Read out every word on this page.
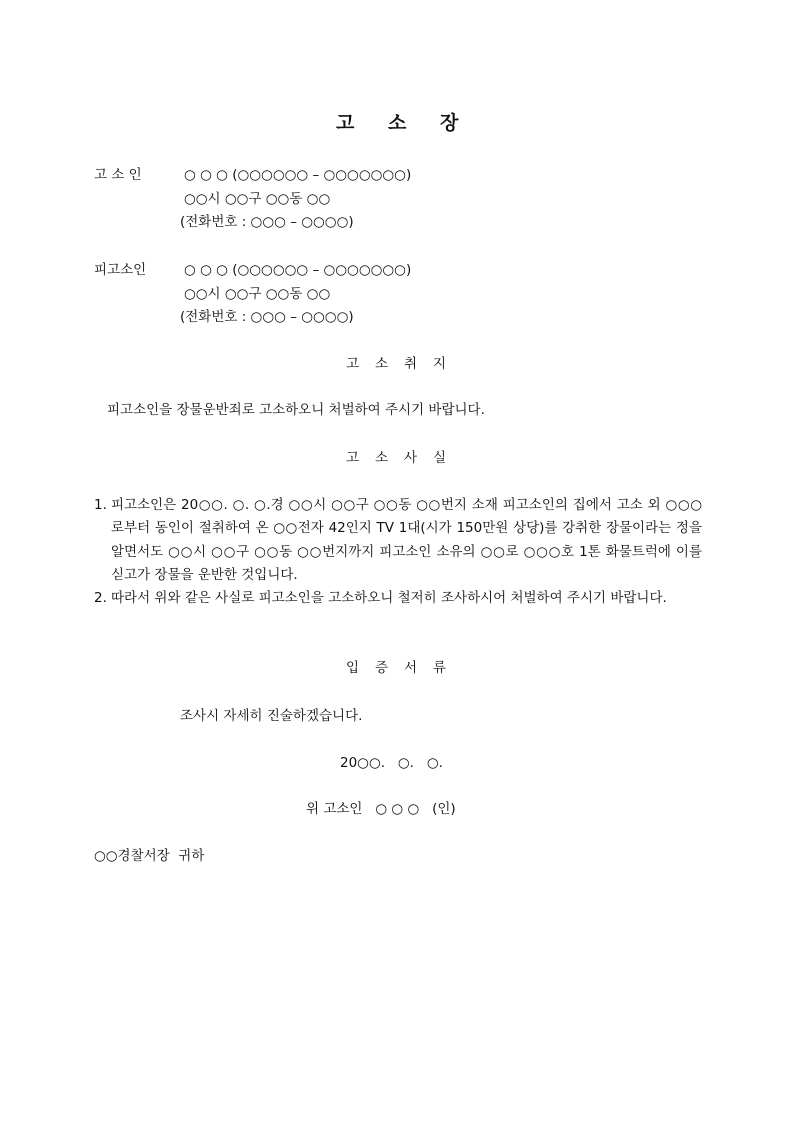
고 소 장
고 소 인	○ ○ ○ (○○○○○○ – ○○○○○○○)
○○시 ○○구 ○○동 ○○
(전화번호 : ○○○ – ○○○○)
피고소인	○ ○ ○ (○○○○○○ – ○○○○○○○)
○○시 ○○구 ○○동 ○○
(전화번호 : ○○○ – ○○○○)
고 소 취 지
피고소인을 장물운반죄로 고소하오니 처벌하여 주시기 바랍니다.
고 소 사 실
1. 피고소인은 20○○. ○. ○.경 ○○시 ○○구 ○○동 ○○번지 소재 피고소인의 집에서 고소 외 ○○○로부터 동인이 절취하여 온 ○○전자 42인지 TV 1대(시가 150만원 상당)를 강취한 장물이라는 정을 알면서도 ○○시 ○○구 ○○동 ○○번지까지 피고소인 소유의 ○○로 ○○○호 1톤 화물트럭에 이를 싣고가 장물을 운반한 것입니다.
2. 따라서 위와 같은 사실로 피고소인을 고소하오니 철저히 조사하시어 처벌하여 주시기 바랍니다.
입 증 서 류
조사시 자세히 진술하겠습니다.
20○○.   ○.   ○.
위 고소인   ○ ○ ○   (인)
○○경찰서장  귀하
